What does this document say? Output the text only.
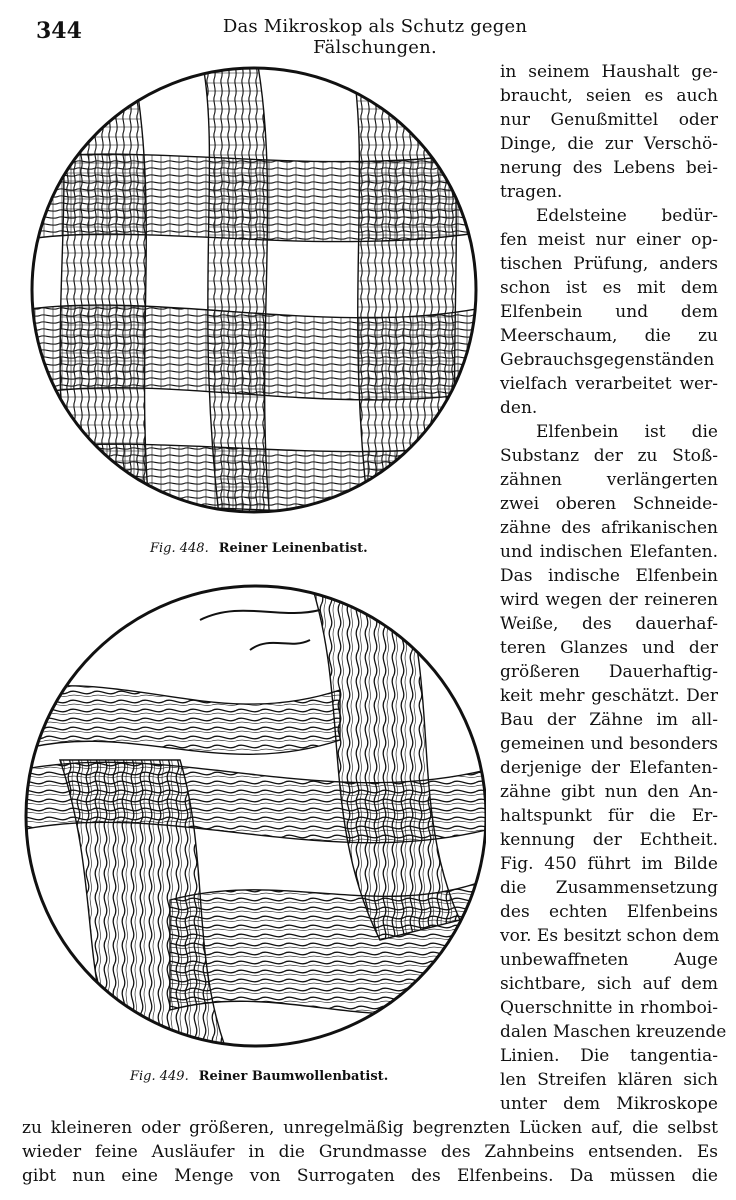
344	Das Mikroskop als Schutz gegen Fälschungen.
Fig. 448. Reiner Leinenbatist.
Fig. 449. Reiner Baumwollenbatist.
in seinem Haushalt ge-
braucht, seien es auch
nur Genußmittel oder
Dinge, die zur Verschö-
nerung des Lebens bei-
tragen.
Edelsteine bedür-
fen meist nur einer op-
tischen Prüfung, anders
schon ist es mit dem
Elfenbein und dem
Meerschaum, die zu
Gebrauchsgegenständen
vielfach verarbeitet wer-
den.
Elfenbein ist die
Substanz der zu Stoß-
zähnen verlängerten
zwei oberen Schneide-
zähne des afrikanischen
und indischen Elefanten.
Das indische Elfenbein
wird wegen der reineren
Weiße, des dauerhaf-
teren Glanzes und der
größeren Dauerhaftig-
keit mehr geschätzt. Der
Bau der Zähne im all-
gemeinen und besonders
derjenige der Elefanten-
zähne gibt nun den An-
haltspunkt für die Er-
kennung der Echtheit.
Fig. 450 führt im Bilde
die Zusammensetzung
des echten Elfenbeins
vor. Es besitzt schon dem
unbewaffneten Auge
sichtbare, sich auf dem
Querschnitte in rhomboi-
dalen Maschen kreuzende
Linien. Die tangentia-
len Streifen klären sich
unter dem Mikroskope
zu kleineren oder größeren, unregelmäßig begrenzten Lücken auf, die selbst
wieder feine Ausläufer in die Grundmasse des Zahnbeins entsenden. Es
gibt nun eine Menge von Surrogaten des Elfenbeins. Da müssen die
